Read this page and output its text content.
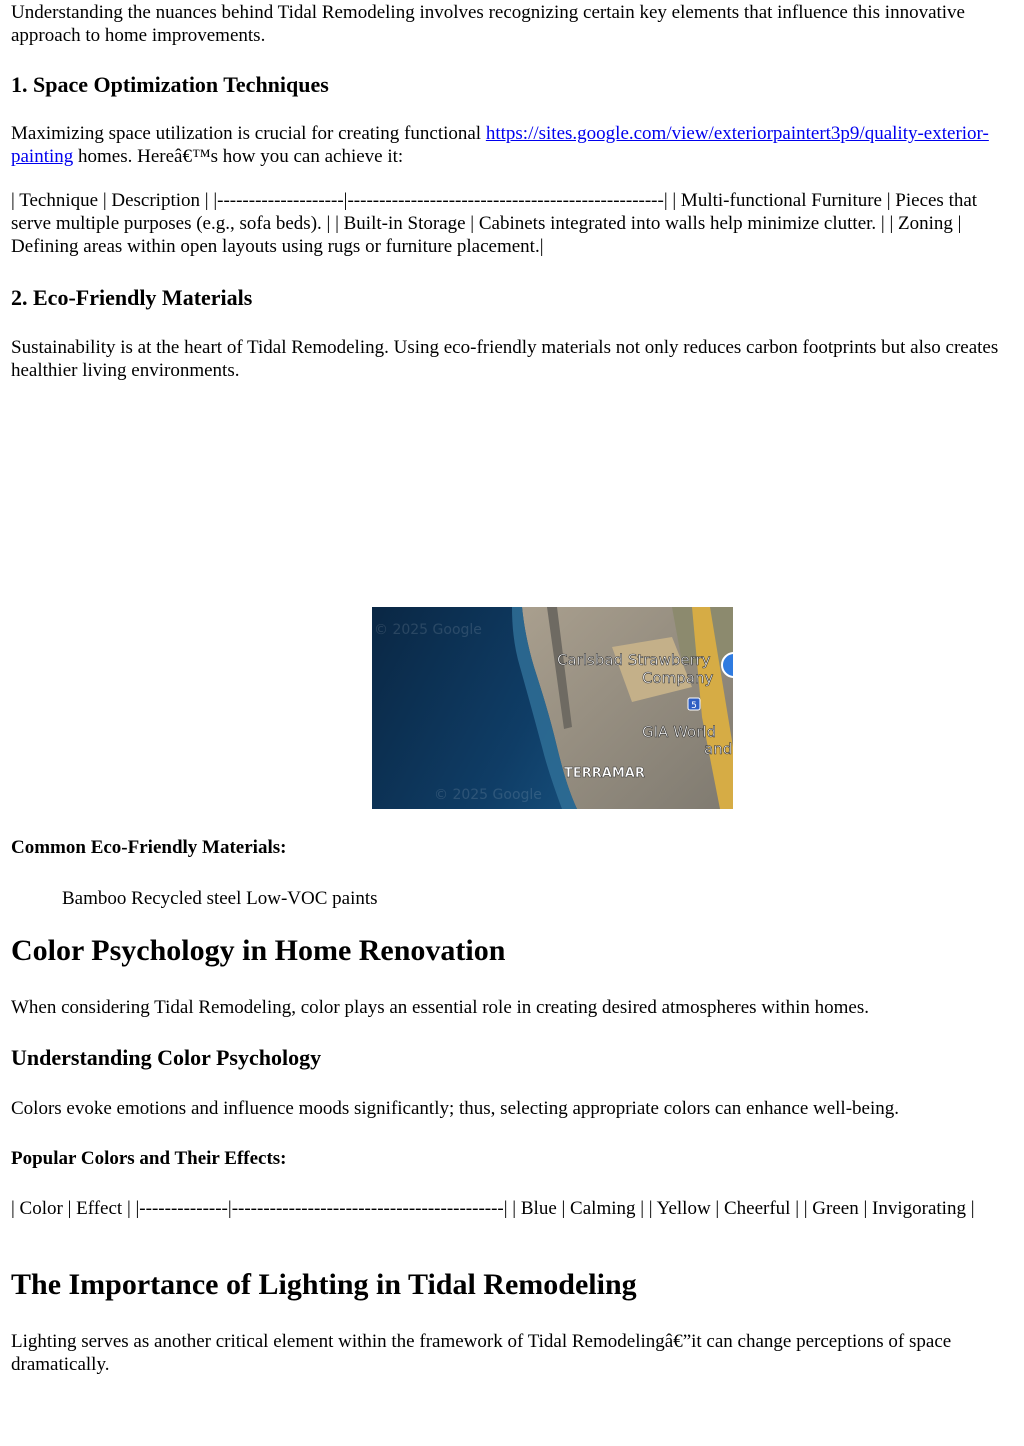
Understanding the nuances behind Tidal Remodeling involves recognizing certain key elements that influence this innovative approach to home improvements.

1. Space Optimization Techniques

Maximizing space utilization is crucial for creating functional https://sites.google.com/view/exteriorpaintert3p9/quality-exterior-painting homes. Hereâ€™s how you can achieve it:

| Technique | Description | |--------------------|--------------------------------------------------| | Multi-functional Furniture | Pieces that serve multiple purposes (e.g., sofa beds). | | Built-in Storage | Cabinets integrated into walls help minimize clutter. | | Zoning | Defining areas within open layouts using rugs or furniture placement.|

2. Eco-Friendly Materials

Sustainability is at the heart of Tidal Remodeling. Using eco-friendly materials not only reduces carbon footprints but also creates healthier living environments.

Common Eco-Friendly Materials:

Color Psychology in Home Renovation

When considering Tidal Remodeling, color plays an essential role in creating desired atmospheres within homes.

Understanding Color Psychology

Colors evoke emotions and influence moods significantly; thus, selecting appropriate colors can enhance well-being.

Popular Colors and Their Effects:

| Color | Effect | |--------------|-------------------------------------------| | Blue | Calming | | Yellow | Cheerful | | Green | Invigorating |

The Importance of Lighting in Tidal Remodeling

Lighting serves as another critical element within the framework of Tidal Remodelingâ€”it can change perceptions of space dramatically.

Bamboo Recycled steel Low-VOC paints
5
Carlsbad Strawberry
Company
GIA World
and
TERRAMAR
© 2025 Google
© 2025 Google
